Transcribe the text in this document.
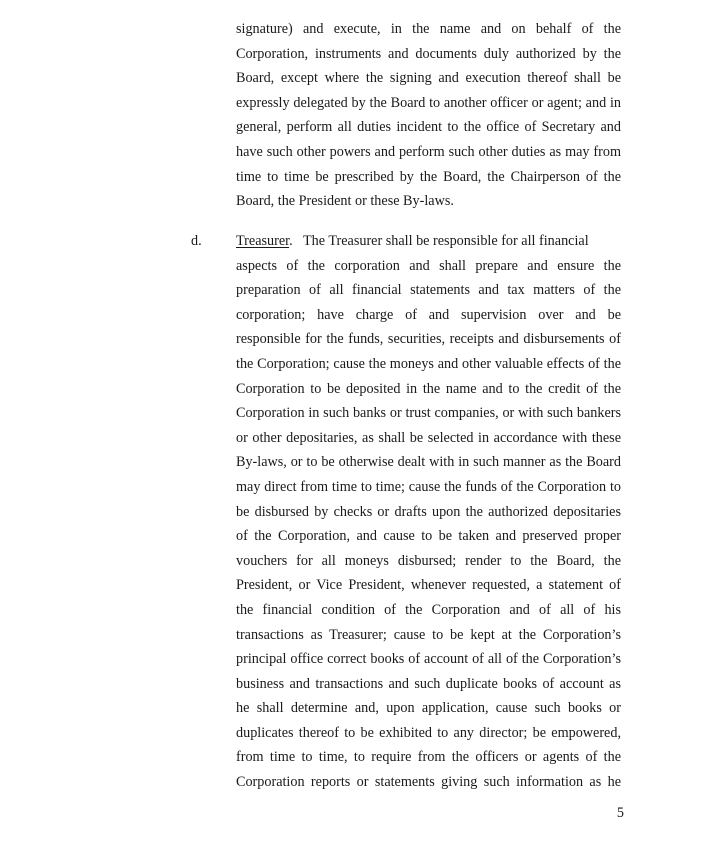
signature) and execute, in the name and on behalf of the
Corporation, instruments and documents duly authorized by the
Board, except where the signing and execution thereof shall be
expressly delegated by the Board to another officer or agent; and in
general, perform all duties incident to the office of Secretary and
have such other powers and perform such other duties as may from
time to time be prescribed by the Board, the Chairperson of the
Board, the President or these By-laws.
d. Treasurer.   The Treasurer shall be responsible for all financial
aspects of the corporation and shall prepare and ensure the
preparation of all financial statements and tax matters of the
corporation; have charge of and supervision over and be
responsible for the funds, securities, receipts and disbursements of
the Corporation; cause the moneys and other valuable effects of the
Corporation to be deposited in the name and to the credit of the
Corporation in such banks or trust companies, or with such bankers
or other depositaries, as shall be selected in accordance with these
By-laws, or to be otherwise dealt with in such manner as the Board
may direct from time to time; cause the funds of the Corporation to
be disbursed by checks or drafts upon the authorized depositaries
of the Corporation, and cause to be taken and preserved proper
vouchers for all moneys disbursed; render to the Board, the
President, or Vice President, whenever requested, a statement of
the financial condition of the Corporation and of all of his
transactions as Treasurer; cause to be kept at the Corporation’s
principal office correct books of account of all of the Corporation’s
business and transactions and such duplicate books of account as
he shall determine and, upon application, cause such books or
duplicates thereof to be exhibited to any director; be empowered,
from time to time, to require from the officers or agents of the
Corporation reports or statements giving such information as he
5
